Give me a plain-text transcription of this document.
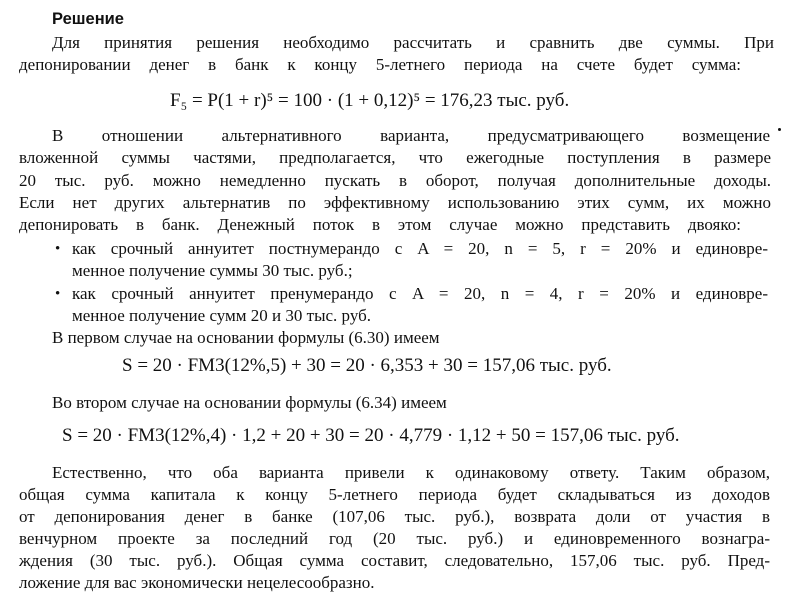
Решение
Для принятия решения необходимо рассчитать и сравнить две суммы. При
депонировании денег в банк к концу 5-летнего периода на счете будет сумма:
F₅ = P(1 + r)⁵ = 100 · (1 + 0,12)⁵ = 176,23 тыс. руб.
В отношении альтернативного варианта, предусматривающего возмещение
вложенной суммы частями, предполагается, что ежегодные поступления в размере
20 тыс. руб. можно немедленно пускать в оборот, получая дополнительные доходы.
Если нет других альтернатив по эффективному использованию этих сумм, их можно
депонировать в банк. Денежный поток в этом случае можно представить двояко:
• как срочный аннуитет постнумерандо с A = 20, n = 5, r = 20% и единовре-
менное получение суммы 30 тыс. руб.;
• как срочный аннуитет пренумерандо с A = 20, n = 4, r = 20% и единовре-
менное получение сумм 20 и 30 тыс. руб.
В первом случае на основании формулы (6.30) имеем
S = 20 · FM3(12%,5) + 30 = 20 · 6,353 + 30 = 157,06 тыс. руб.
Во втором случае на основании формулы (6.34) имеем
S = 20 · FM3(12%,4) · 1,2 + 20 + 30 = 20 · 4,779 · 1,12 + 50 = 157,06 тыс. руб.
Естественно, что оба варианта привели к одинаковому ответу. Таким образом,
общая сумма капитала к концу 5-летнего периода будет складываться из доходов
от депонирования денег в банке (107,06 тыс. руб.), возврата доли от участия в
венчурном проекте за последний год (20 тыс. руб.) и единовременного вознагра-
ждения (30 тыс. руб.). Общая сумма составит, следовательно, 157,06 тыс. руб. Пред-
ложение для вас экономически нецелесообразно.
